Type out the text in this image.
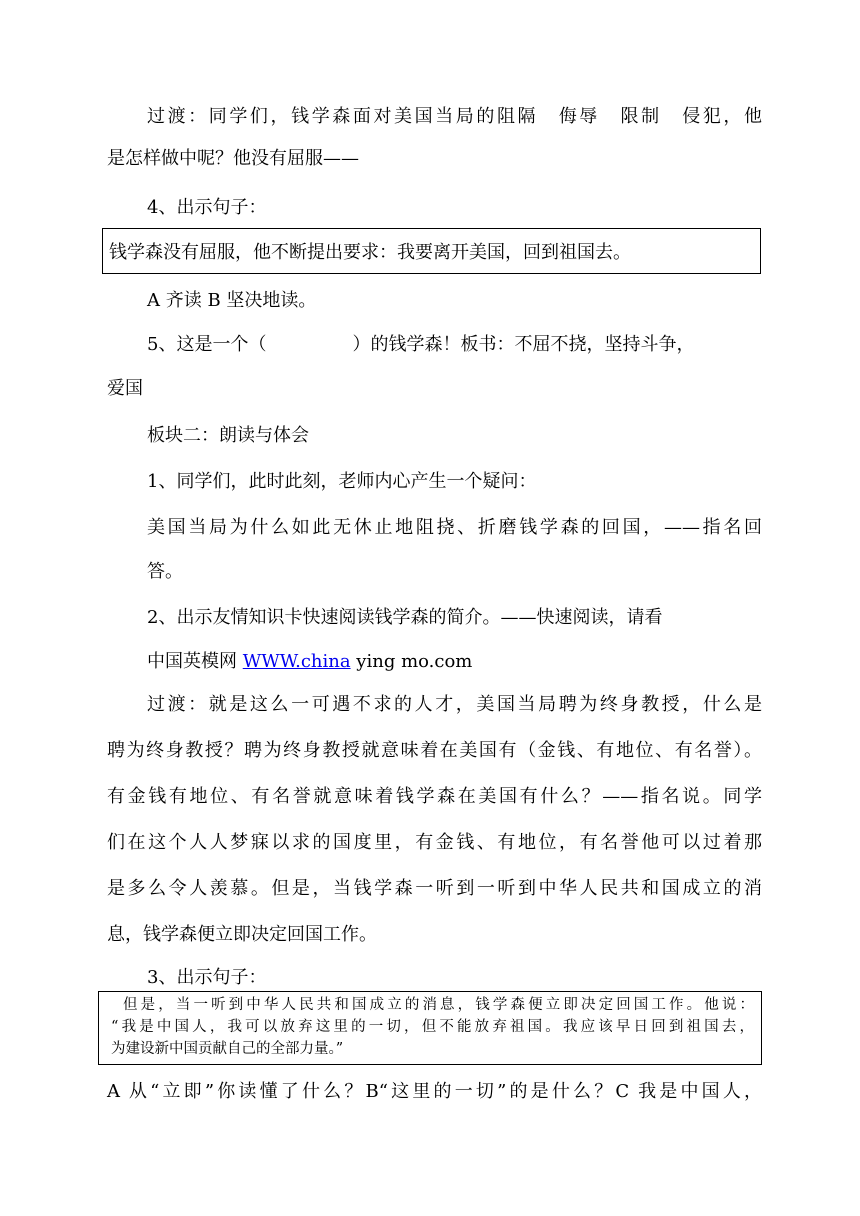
过渡：同学们，钱学森面对美国当局的阻隔　侮辱　限制　侵犯，他
是怎样做中呢？他没有屈服——
4、出示句子：
钱学森没有屈服，他不断提出要求：我要离开美国，回到祖国去。
A 齐读 B 坚决地读。
5、这是一个（	）的钱学森！板书：不屈不挠，坚持斗争，
爱国
板块二：朗读与体会
1、同学们，此时此刻，老师内心产生一个疑问：
美国当局为什么如此无休止地阻挠、折磨钱学森的回国，——指名回
答。
2、出示友情知识卡快速阅读钱学森的简介。——快速阅读，请看
中国英模网 WWW.china ying mo.com
过渡：就是这么一可遇不求的人才，美国当局聘为终身教授，什么是
聘为终身教授？聘为终身教授就意味着在美国有（金钱、有地位、有名誉）。
有金钱有地位、有名誉就意味着钱学森在美国有什么？——指名说。同学
们在这个人人梦寐以求的国度里，有金钱、有地位，有名誉他可以过着那
是多么令人羡慕。但是，当钱学森一听到一听到中华人民共和国成立的消
息，钱学森便立即决定回国工作。
3、出示句子：
但是，当一听到中华人民共和国成立的消息，钱学森便立即决定回国工作。他说：
“我是中国人，我可以放弃这里的一切，但不能放弃祖国。我应该早日回到祖国去，
为建设新中国贡献自己的全部力量。”
A 从“立即”你读懂了什么？B“这里的一切”的是什么？C 我是中国人，
